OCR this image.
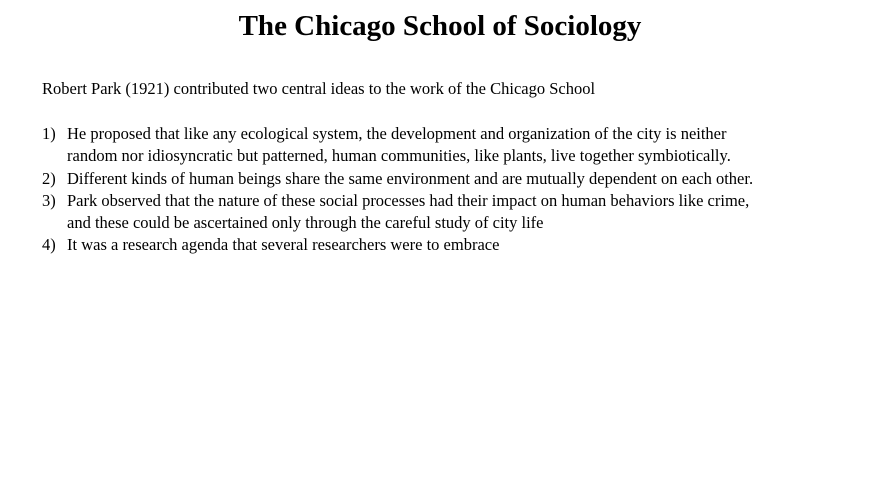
The Chicago School of Sociology

Robert Park (1921) contributed two central ideas to the work of the Chicago School

1) He proposed that like any ecological system, the development and organization of the city is neither
random nor idiosyncratic but patterned, human communities, like plants, live together symbiotically.
2) Different kinds of human beings share the same environment and are mutually dependent on each other.
3) Park observed that the nature of these social processes had their impact on human behaviors like crime,
and these could be ascertained only through the careful study of city life
4) It was a research agenda that several researchers were to embrace
